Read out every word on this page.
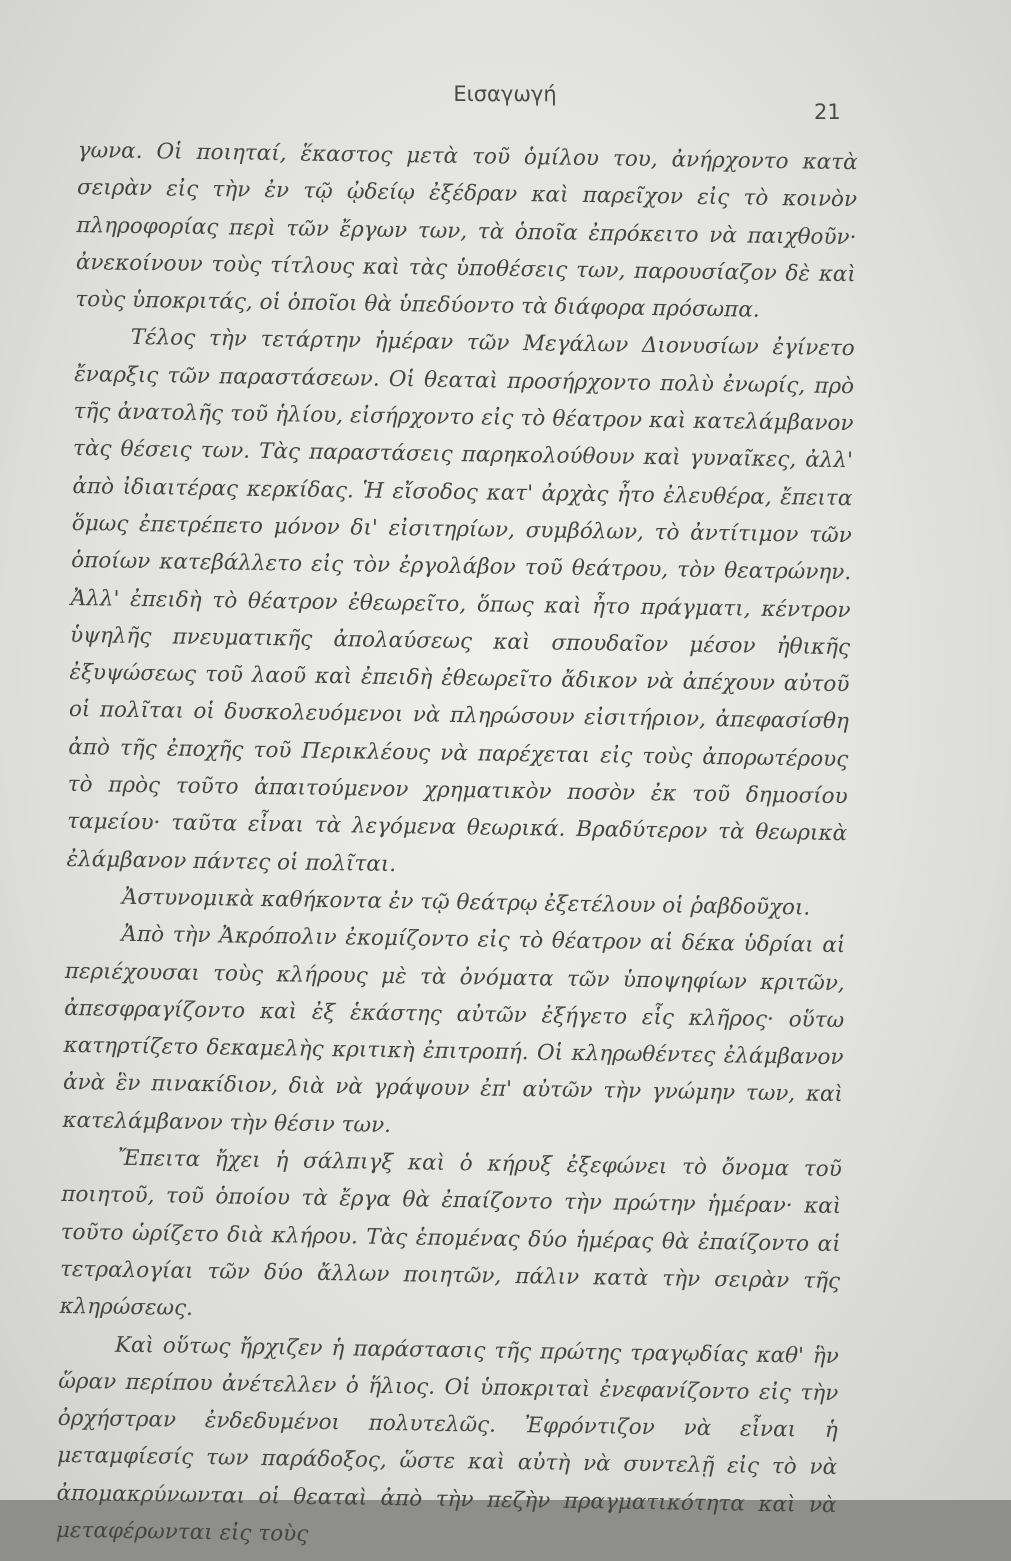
Εισαγωγή
21

γωνα. Οἱ ποιηταί, ἕκαστος μετὰ τοῦ ὁμίλου του, ἀνήρχοντο κατὰ σειρὰν εἰς τὴν ἐν τῷ ᾠδείῳ ἐξέδραν καὶ παρεῖχον εἰς τὸ κοινὸν πληροφορίας περὶ τῶν ἔργων των, τὰ ὁποῖα ἐπρόκειτο νὰ παιχθοῦν· ἀνεκοίνουν τοὺς τίτλους καὶ τὰς ὑποθέσεις των, παρουσίαζον δὲ καὶ τοὺς ὑποκριτάς, οἱ ὁποῖοι θὰ ὑπεδύοντο τὰ διάφορα πρόσωπα.

Τέλος τὴν τετάρτην ἡμέραν τῶν Μεγάλων Διονυσίων ἐγίνετο ἔναρξις τῶν παραστάσεων. Οἱ θεαταὶ προσήρχοντο πολὺ ἐνωρίς, πρὸ τῆς ἀνατολῆς τοῦ ἡλίου, εἰσήρχοντο εἰς τὸ θέατρον καὶ κατελάμβανον τὰς θέσεις των. Τὰς παραστάσεις παρηκολούθουν καὶ γυναῖκες, ἀλλ' ἀπὸ ἰδιαιτέρας κερκίδας. Ἡ εἴσοδος κατ' ἀρχὰς ἦτο ἐλευθέρα, ἔπειτα ὅμως ἐπετρέπετο μόνον δι' εἰσιτηρίων, συμβόλων, τὸ ἀντίτιμον τῶν ὁποίων κατεβάλλετο εἰς τὸν ἐργολάβον τοῦ θεάτρου, τὸν θεατρώνην. Ἀλλ' ἐπειδὴ τὸ θέατρον ἐθεωρεῖτο, ὅπως καὶ ἦτο πράγματι, κέντρον ὑψηλῆς πνευματικῆς ἀπολαύσεως καὶ σπουδαῖον μέσον ἠθικῆς ἐξυψώσεως τοῦ λαοῦ καὶ ἐπειδὴ ἐθεωρεῖτο ἄδικον νὰ ἀπέχουν αὐτοῦ οἱ πολῖται οἱ δυσκολευόμενοι νὰ πληρώσουν εἰσιτήριον, ἀπεφασίσθη ἀπὸ τῆς ἐποχῆς τοῦ Περικλέους νὰ παρέχεται εἰς τοὺς ἀπορωτέρους τὸ πρὸς τοῦτο ἀπαιτούμενον χρηματικὸν ποσὸν ἐκ τοῦ δημοσίου ταμείου· ταῦτα εἶναι τὰ λεγόμενα θεωρικά. Βραδύτερον τὰ θεωρικὰ ἐλάμβανον πάντες οἱ πολῖται.

Ἀστυνομικὰ καθήκοντα ἐν τῷ θεάτρῳ ἐξετέλουν οἱ ῥαβδοῦχοι.

Ἀπὸ τὴν Ἀκρόπολιν ἐκομίζοντο εἰς τὸ θέατρον αἱ δέκα ὑδρίαι αἱ περιέχουσαι τοὺς κλήρους μὲ τὰ ὀνόματα τῶν ὑποψηφίων κριτῶν, ἀπεσφραγίζοντο καὶ ἐξ ἑκάστης αὐτῶν ἐξήγετο εἷς κλῆρος· οὕτω κατηρτίζετο δεκαμελὴς κριτικὴ ἐπιτροπή. Οἱ κληρωθέντες ἐλάμβανον ἀνὰ ἓν πινακίδιον, διὰ νὰ γράψουν ἐπ' αὐτῶν τὴν γνώμην των, καὶ κατελάμβανον τὴν θέσιν των.

Ἔπειτα ἤχει ἡ σάλπιγξ καὶ ὁ κήρυξ ἐξεφώνει τὸ ὄνομα τοῦ ποιητοῦ, τοῦ ὁποίου τὰ ἔργα θὰ ἐπαίζοντο τὴν πρώτην ἡμέραν· καὶ τοῦτο ὡρίζετο διὰ κλήρου. Τὰς ἑπομένας δύο ἡμέρας θὰ ἐπαίζοντο αἱ τετραλογίαι τῶν δύο ἄλλων ποιητῶν, πάλιν κατὰ τὴν σειρὰν τῆς κληρώσεως.

Καὶ οὕτως ἤρχιζεν ἡ παράστασις τῆς πρώτης τραγῳδίας καθ' ἣν ὥραν περίπου ἀνέτελλεν ὁ ἥλιος. Οἱ ὑποκριταὶ ἐνεφανίζοντο εἰς τὴν ὀρχήστραν ἐνδεδυμένοι πολυτελῶς. Ἐφρόντιζον νὰ εἶναι ἡ μεταμφίεσίς των παράδοξος, ὥστε καὶ αὐτὴ νὰ συντελῇ εἰς τὸ νὰ ἀπομακρύνωνται οἱ θεαταὶ ἀπὸ τὴν πεζὴν πραγματικότητα καὶ νὰ μεταφέρωνται εἰς τοὺς
